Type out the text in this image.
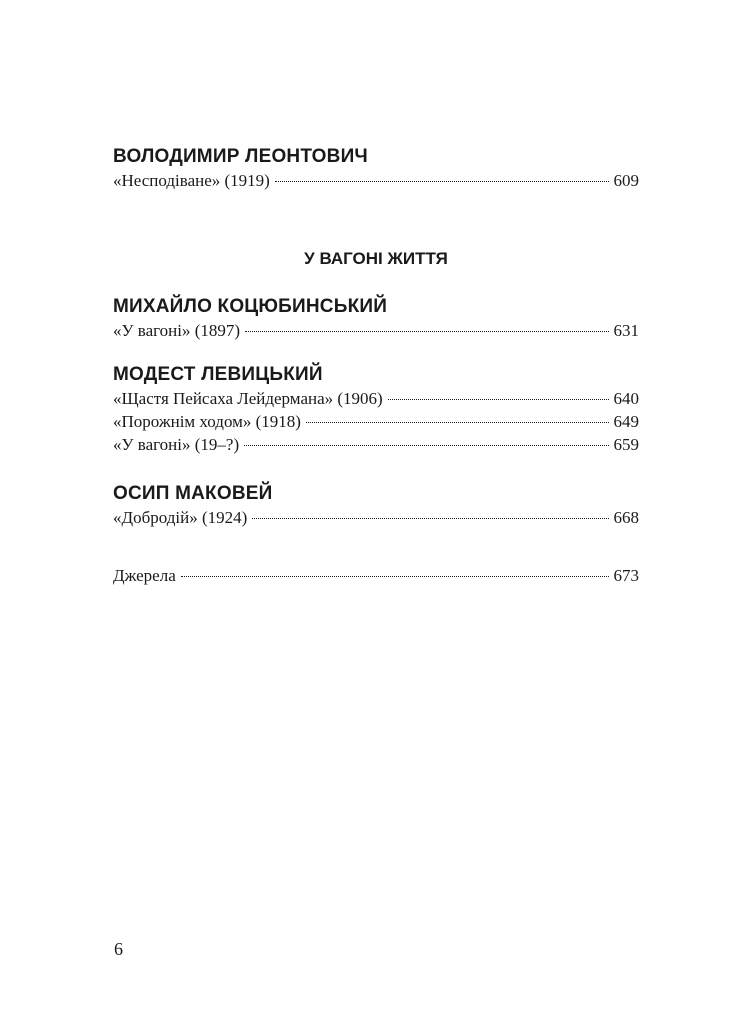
ВОЛОДИМИР ЛЕОНТОВИЧ
«Несподіване» (1919)	609
У ВАГОНІ ЖИТТЯ
МИХАЙЛО КОЦЮБИНСЬКИЙ
«У вагоні» (1897)	631
МОДЕСТ ЛЕВИЦЬКИЙ
«Щастя Пейсаха Лейдермана» (1906)	640
«Порожнім ходом» (1918)	649
«У вагоні» (19–?)	659
ОСИП МАКОВЕЙ
«Добродій» (1924)	668
Джерела	673
6
